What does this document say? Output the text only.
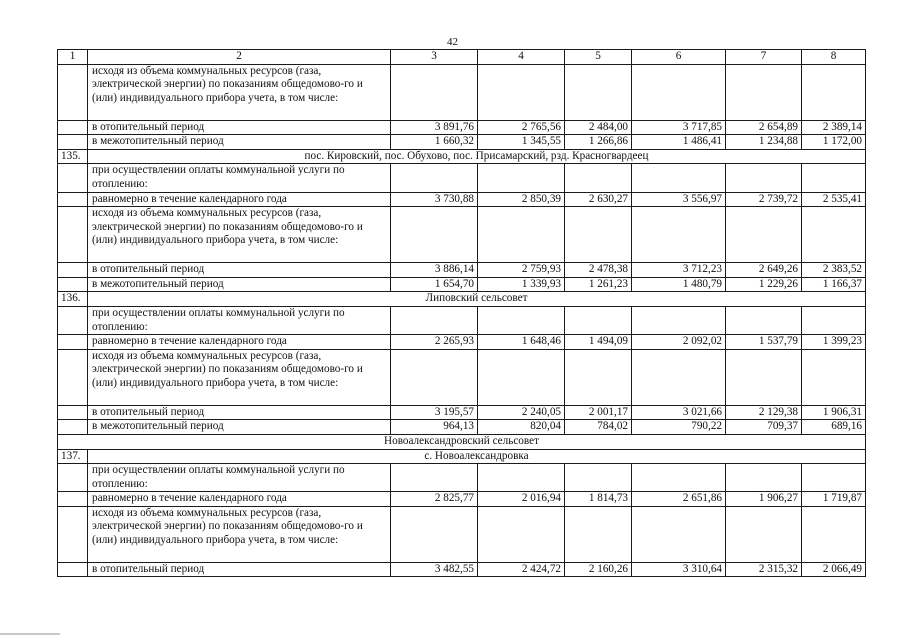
42
1	2	3	4	5	6	7	8
	исходя из объема коммунальных ресурсов (газа, электрической энергии) по показаниям общедомово-го и (или) индивидуального прибора учета, в том числе:						
	в отопительный период	3 891,76	2 765,56	2 484,00	3 717,85	2 654,89	2 389,14
	в межотопительный период	1 660,32	1 345,55	1 266,86	1 486,41	1 234,88	1 172,00
135.	пос. Кировский, пос. Обухово, пос. Присамарский, рзд. Красногвардеец						
	при осуществлении оплаты коммунальной услуги по отоплению:						
	равномерно в течение календарного года	3 730,88	2 850,39	2 630,27	3 556,97	2 739,72	2 535,41
	исходя из объема коммунальных ресурсов (газа, электрической энергии) по показаниям общедомово-го и (или) индивидуального прибора учета, в том числе:						
	в отопительный период	3 886,14	2 759,93	2 478,38	3 712,23	2 649,26	2 383,52
	в межотопительный период	1 654,70	1 339,93	1 261,23	1 480,79	1 229,26	1 166,37
136.	Липовский сельсовет						
	при осуществлении оплаты коммунальной услуги по отоплению:						
	равномерно в течение календарного года	2 265,93	1 648,46	1 494,09	2 092,02	1 537,79	1 399,23
	исходя из объема коммунальных ресурсов (газа, электрической энергии) по показаниям общедомово-го и (или) индивидуального прибора учета, в том числе:						
	в отопительный период	3 195,57	2 240,05	2 001,17	3 021,66	2 129,38	1 906,31
	в межотопительный период	964,13	820,04	784,02	790,22	709,37	689,16
Новоалександровский сельсовет							
137.	с. Новоалександровка						
	при осуществлении оплаты коммунальной услуги по отоплению:						
	равномерно в течение календарного года	2 825,77	2 016,94	1 814,73	2 651,86	1 906,27	1 719,87
	исходя из объема коммунальных ресурсов (газа, электрической энергии) по показаниям общедомово-го и (или) индивидуального прибора учета, в том числе:						
	в отопительный период	3 482,55	2 424,72	2 160,26	3 310,64	2 315,32	2 066,49
